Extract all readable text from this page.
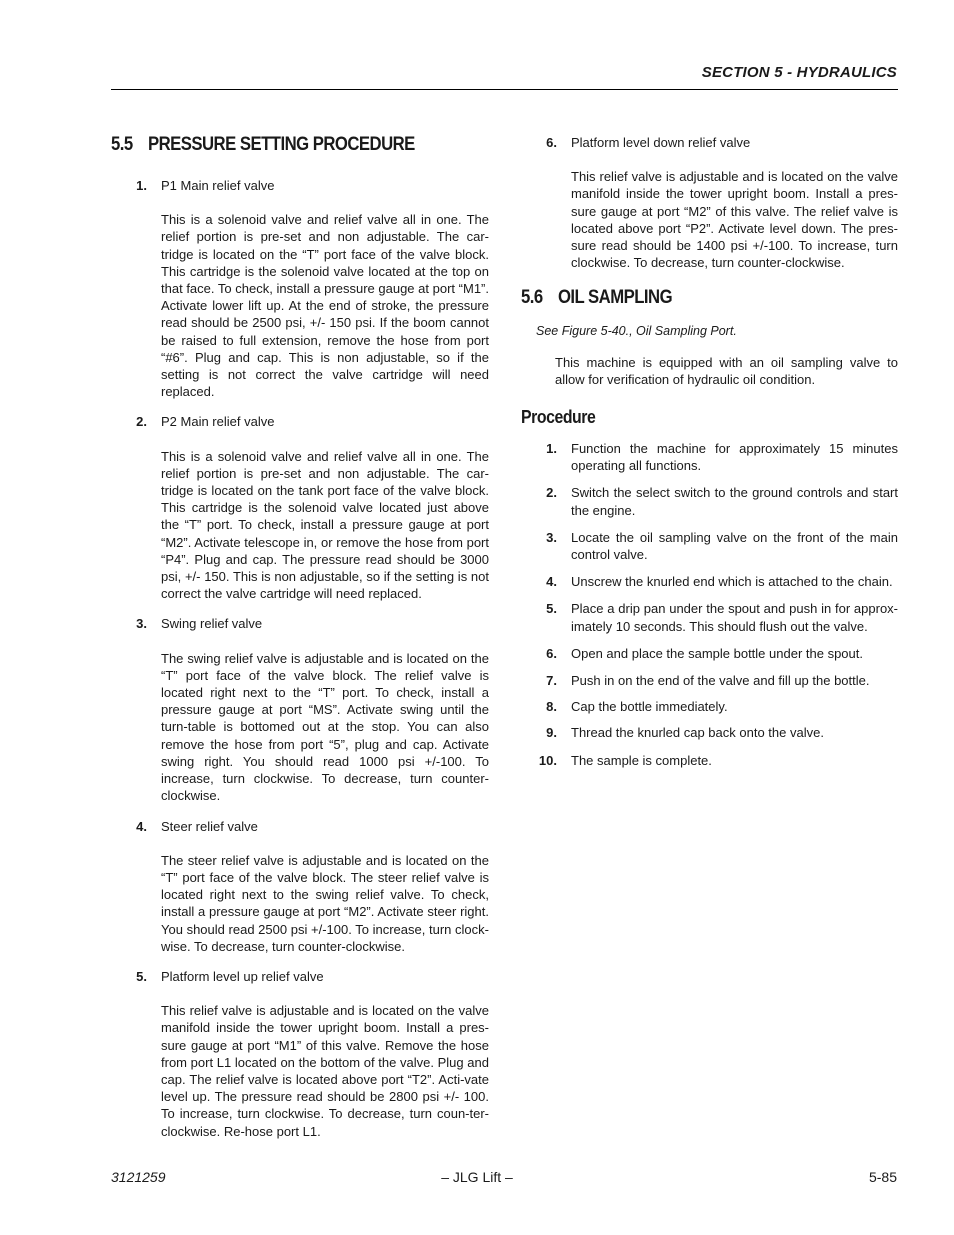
SECTION 5 - HYDRAULICS
5.5 PRESSURE SETTING PROCEDURE
1. P1 Main relief valve
This is a solenoid valve and relief valve all in one. The relief portion is pre-set and non adjustable. The car-tridge is located on the “T” port face of the valve block. This cartridge is the solenoid valve located at the top on that face. To check, install a pressure gauge at port “M1”. Activate lower lift up. At the end of stroke, the pressure read should be 2500 psi, +/- 150 psi. If the boom cannot be raised to full extension, remove the hose from port “#6”. Plug and cap. This is non adjustable, so if the setting is not correct the valve cartridge will need replaced.
2. P2 Main relief valve
This is a solenoid valve and relief valve all in one. The relief portion is pre-set and non adjustable. The car-tridge is located on the tank port face of the valve block. This cartridge is the solenoid valve located just above the “T” port. To check, install a pressure gauge at port “M2”. Activate telescope in, or remove the hose from port “P4”. Plug and cap. The pressure read should be 3000 psi, +/- 150. This is non adjustable, so if the setting is not correct the valve cartridge will need replaced.
3. Swing relief valve
The swing relief valve is adjustable and is located on the “T” port face of the valve block. The relief valve is located right next to the “T” port. To check, install a pressure gauge at port “MS”. Activate swing until the turn-table is bottomed out at the stop. You can also remove the hose from port “5”, plug and cap. Activate swing right. You should read 1000 psi +/-100. To increase, turn clockwise. To decrease, turn counter-clockwise.
4. Steer relief valve
The steer relief valve is adjustable and is located on the “T” port face of the valve block. The steer relief valve is located right next to the swing relief valve. To check, install a pressure gauge at port “M2”. Activate steer right. You should read 2500 psi +/-100. To increase, turn clock-wise. To decrease, turn counter-clockwise.
5. Platform level up relief valve
This relief valve is adjustable and is located on the valve manifold inside the tower upright boom. Install a pres-sure gauge at port “M1” of this valve. Remove the hose from port L1 located on the bottom of the valve. Plug and cap. The relief valve is located above port “T2”. Acti-vate level up. The pressure read should be 2800 psi +/- 100. To increase, turn clockwise. To decrease, turn coun-ter-clockwise. Re-hose port L1.
6. Platform level down relief valve
This relief valve is adjustable and is located on the valve manifold inside the tower upright boom. Install a pres-sure gauge at port “M2” of this valve. The relief valve is located above port “P2”. Activate level down. The pres-sure read should be 1400 psi +/-100. To increase, turn clockwise. To decrease, turn counter-clockwise.
5.6 OIL SAMPLING
See Figure 5-40., Oil Sampling Port.
This machine is equipped with an oil sampling valve to allow for verification of hydraulic oil condition.
Procedure
1. Function the machine for approximately 15 minutes operating all functions.
2. Switch the select switch to the ground controls and start the engine.
3. Locate the oil sampling valve on the front of the main control valve.
4. Unscrew the knurled end which is attached to the chain.
5. Place a drip pan under the spout and push in for approx-imately 10 seconds. This should flush out the valve.
6. Open and place the sample bottle under the spout.
7. Push in on the end of the valve and fill up the bottle.
8. Cap the bottle immediately.
9. Thread the knurled cap back onto the valve.
10. The sample is complete.
3121259	– JLG Lift –	5-85
